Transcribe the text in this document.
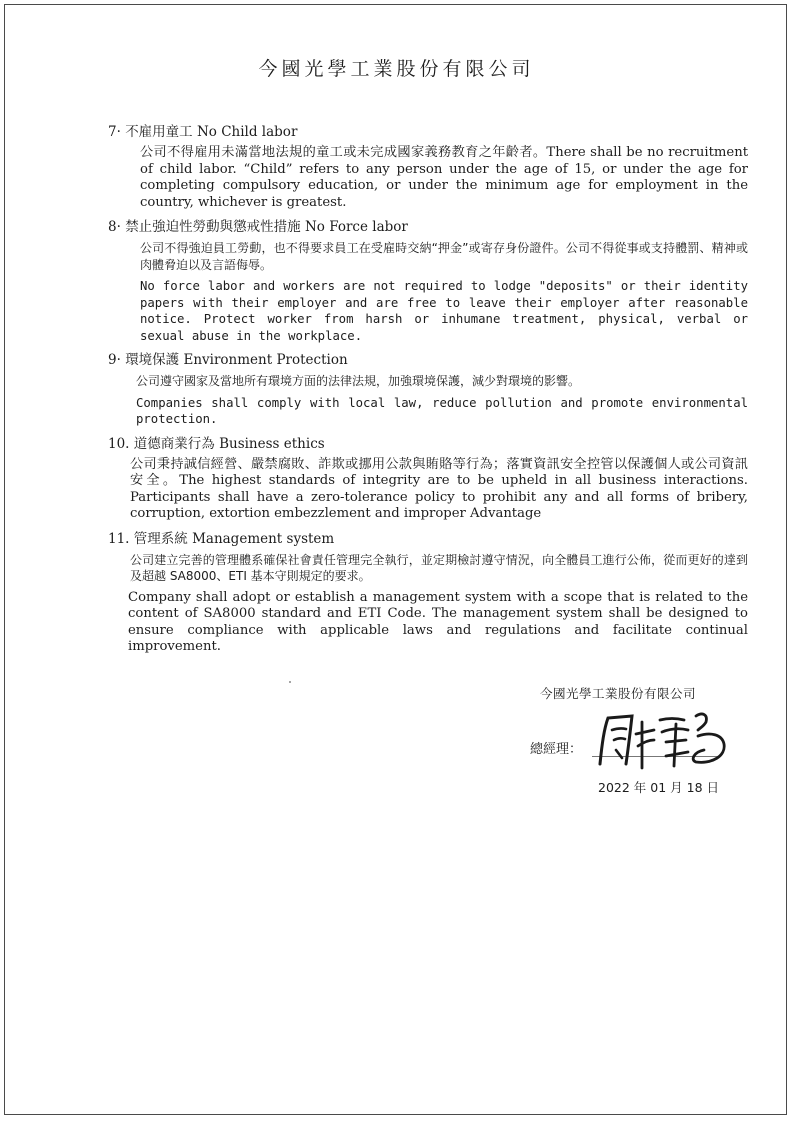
今國光學工業股份有限公司
7· 不雇用童工 No Child labor

公司不得雇用未滿當地法規的童工或未完成國家義務教育之年齡者。There shall be no recruitment of child labor. “Child” refers to any person under the age of 15, or under the age for completing compulsory education, or under the minimum age for employment in the country, whichever is greatest.

8· 禁止強迫性勞動與懲戒性措施 No Force labor

公司不得強迫員工勞動，也不得要求員工在受雇時交納“押金”或寄存身份證件。公司不得從事或支持體罰、精神或肉體脅迫以及言語侮辱。

No force labor and workers are not required to lodge "deposits" or their identity papers with their employer and are free to leave their employer after reasonable notice. Protect worker from harsh or inhumane treatment, physical, verbal or sexual abuse in the workplace.

9· 環境保護 Environment Protection

公司遵守國家及當地所有環境方面的法律法規，加強環境保護，減少對環境的影響。

Companies shall comply with local law, reduce pollution and promote environmental protection.

10. 道德商業行為 Business ethics

公司秉持誠信經營、嚴禁腐敗、詐欺或挪用公款與賄賂等行為；落實資訊安全控管以保護個人或公司資訊安全。The highest standards of integrity are to be upheld in all business interactions. Participants shall have a zero-tolerance policy to prohibit any and all forms of bribery, corruption, extortion embezzlement and improper Advantage

11. 管理系統 Management system

公司建立完善的管理體系確保社會責任管理完全執行，並定期檢討遵守情況，向全體員工進行公佈，從而更好的達到及超越 SA8000、ETI 基本守則規定的要求。

Company shall adopt or establish a management system with a scope that is related to the content of SA8000 standard and ETI Code. The management system shall be designed to ensure compliance with applicable laws and regulations and facilitate continual improvement.

今國光學工業股份有限公司
總經理：
2022 年 01 月 18 日
